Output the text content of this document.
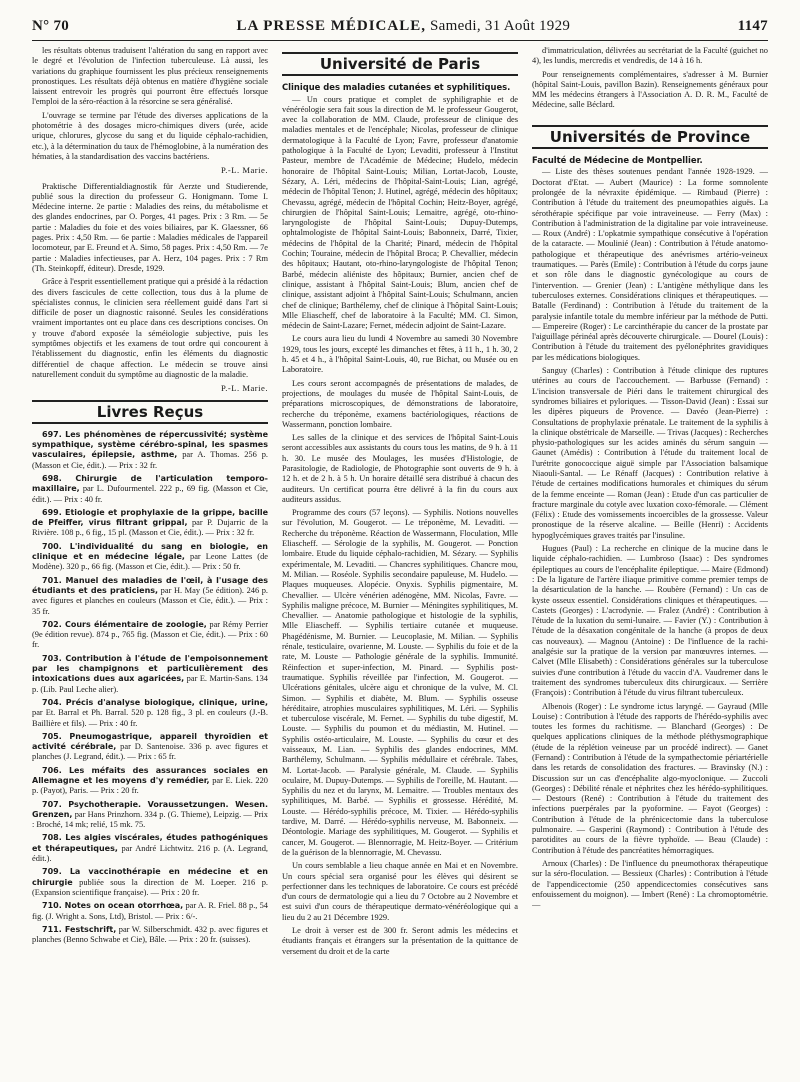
N° 70	LA PRESSE MÉDICALE, Samedi, 31 Août 1929	1147

les résultats obtenus traduisent l'altération du sang en rapport avec le degré et l'évolution de l'infection tuberculeuse. Là aussi, les variations du graphique fournissent les plus précieux renseignements pronostiques. Les résultats déjà obtenus en matière d'hygiène sociale laissent entrevoir les progrès qui pourront être effectués lorsque l'emploi de la séro-réaction à la résorcine se sera généralisé.

L'ouvrage se termine par l'étude des diverses applications de la photométrie à des dosages micro-chimiques divers (urée, acide urique, chlorures, glycose du sang et du liquide céphalo-rachidien, etc.), à la détermination du taux de l'hémoglobine, à la numération des hématies, à la standardisation des vaccins bactériens.

P.-L. Marie.

Praktische Differentialdiagnostik für Aerzte und Studierende, publié sous la direction du professeur G. Honigmann. Tome I. Médecine interne. 2e partie : Maladies des reins, du métabolisme et des glandes endocrines, par O. Porges, 41 pages. Prix : 3 Rm. — 5e partie : Maladies du foie et des voies biliaires, par K. Glaessner, 66 pages. Prix : 4,50 Rm. — 6e partie : Maladies médicales de l'appareil locomoteur, par E. Freund et A. Simo, 58 pages. Prix : 4,50 Rm. — 7e partie : Maladies infectieuses, par A. Herz, 104 pages. Prix : 7 Rm (Th. Steinkopff, éditeur). Dresde, 1929.

Grâce à l'esprit essentiellement pratique qui a présidé à la rédaction des divers fascicules de cette collection, tous dus à la plume de spécialistes connus, le clinicien sera réellement guidé dans l'art si difficile de poser un diagnostic raisonné. Seules les considérations vraiment importantes ont eu place dans ces descriptions concises. On y trouve d'abord exposée la séméiologie subjective, puis les symptômes objectifs et les examens de tout ordre qui concourent à l'établissement du diagnostic, enfin les éléments du diagnostic différentiel de chaque affection. Le médecin se trouve ainsi naturellement conduit du symptôme au diagnostic de la maladie.

P.-L. Marie.
Livres Reçus

697. Les phénomènes de répercussivité; système sympathique, système cérébro-spinal, les spasmes vasculaires, épilepsie, asthme, par A. Thomas. 256 p. (Masson et Cie, édit.). — Prix : 32 fr.

698. Chirurgie de l'articulation temporo-maxillaire, par L. Dufourmentel. 222 p., 69 fig. (Masson et Cie, édit.). — Prix : 40 fr.

699. Etiologie et prophylaxie de la grippe, bacille de Pfeiffer, virus filtrant grippal, par P. Dujarric de la Rivière. 108 p., 6 fig., 15 pl. (Masson et Cie, édit.). — Prix : 32 fr.

700. L'individualité du sang en biologie, en clinique et en médecine légale, par Leone Lattes (de Modène). 320 p., 66 fig. (Masson et Cie, édit.). — Prix : 50 fr.

701. Manuel des maladies de l'œil, à l'usage des étudiants et des praticiens, par H. May (5e édition). 246 p. avec figures et planches en couleurs (Masson et Cie, édit.). — Prix : 35 fr.

702. Cours élémentaire de zoologie, par Rémy Perrier (9e édition revue). 874 p., 765 fig. (Masson et Cie, édit.). — Prix : 60 fr.

703. Contribution à l'étude de l'empoisonnement par les champignons et particulièrement des intoxications dues aux agaricées, par E. Martin-Sans. 134 p. (Lib. Paul Leche alier).

704. Précis d'analyse biologique, clinique, urine, par Et. Barral et Ph. Barral. 520 p. 128 fig., 3 pl. en couleurs (J.-B. Baillière et fils). — Prix : 40 fr.

705. Pneumogastrique, appareil thyroïdien et activité cérébrale, par D. Santenoise. 336 p. avec figures et planches (J. Legrand, édit.). — Prix : 65 fr.

706. Les méfaits des assurances sociales en Allemagne et les moyens d'y remédier, par E. Liek. 220 p. (Payot), Paris. — Prix : 20 fr.

707. Psychotherapie. Voraussetzungen. Wesen. Grenzen, par Hans Prinzhorn. 334 p. (G. Thieme), Leipzig. — Prix : Broché, 14 mk; relié, 15 mk. 75.

708. Les algies viscérales, études pathogéniques et thérapeutiques, par André Lichtwitz. 216 p. (A. Legrand, édit.).

709. La vaccinothérapie en médecine et en chirurgie publiée sous la direction de M. Loeper. 216 p. (Expansion scientifique française). — Prix : 20 fr.

710. Notes on ocean otorrhœa, par A. R. Friel. 88 p., 54 fig. (J. Wright a. Sons, Ltd), Bristol. — Prix : 6/-.

711. Festschrift, par W. Silberschmidt. 432 p. avec figures et planches (Benno Schwabe et Cie), Bâle. — Prix : 20 fr. (suisses).

Université de Paris
Clinique des maladies cutanées et syphilitiques.

— Un cours pratique et complet de syphiligraphie et de vénéréologie sera fait sous la direction de M. le professeur Gougerot, avec la collaboration de MM. Claude, professeur de clinique des maladies mentales et de l'encéphale; Nicolas, professeur de clinique dermatologique à la Faculté de Lyon; Favre, professeur d'anatomie pathologique à la Faculté de Lyon; Levaditi, professeur à l'Institut Pasteur, membre de l'Académie de Médecine; Hudelo, médecin honoraire de l'hôpital Saint-Louis; Milian, Lortat-Jacob, Louste, Sézary, A. Léri, médecins de l'hôpital-Saint-Louis; Lian, agrégé, médecin de l'hôpital Tenon; J. Hutinel, agrégé, médecin des hôpitaux; Chevassu, agrégé, médecin de l'hôpital Cochin; Heitz-Boyer, agrégé, chirurgien de l'hôpital Saint-Louis; Lemaitre, agrégé, oto-rhino-laryngologiste de l'hôpital Saint-Louis; Dupuy-Dutemps, ophtalmologiste de l'hôpital Saint-Louis; Babonneix, Darré, Tixier, médecins de l'hôpital de la Charité; Pinard, médecin de l'hôpital Cochin; Touraine, médecin de l'hôpital Broca; P. Chevallier, médecin des hôpitaux; Hautant, oto-rhino-laryngologiste de l'hôpital Tenon; Barbé, médecin aliéniste des hôpitaux; Burnier, ancien chef de clinique, assistant à l'hôpital Saint-Louis; Blum, ancien chef de clinique, assistant adjoint à l'hôpital Saint-Louis; Schulmann, ancien chef de clinique; Barthélemy, chef de clinique à l'hôpital Saint-Louis; Mlle Eliascheff, chef de laboratoire à la Faculté; MM. Cl. Simon, médecin de Saint-Lazare; Fernet, médecin adjoint de Saint-Lazare.

Le cours aura lieu du lundi 4 Novembre au samedi 30 Novembre 1929, tous les jours, excepté les dimanches et fêtes, à 11 h., 1 h. 30, 2 h. 45 et 4 h., à l'hôpital Saint-Louis, 40, rue Bichat, ou Musée ou en Laboratoire.

Les cours seront accompagnés de présentations de malades, de projections, de moulages du musée de l'hôpital Saint-Louis, de préparations microscopiques, de démonstrations de laboratoire, recherche du tréponème, examens bactériologiques, réactions de Wassermann, ponction lombaire.

Les salles de la clinique et des services de l'hôpital Saint-Louis seront accessibles aux assistants du cours tous les matins, de 9 h. à 11 h. 30. Le musée des Moulages, les musées d'Histologie, de Parasitologie, de Radiologie, de Photographie sont ouverts de 9 h. à 12 h. et de 2 h. à 5 h. Un horaire détaillé sera distribué à chacun des auditeurs. Un certificat pourra être délivré à la fin du cours aux auditeurs assidus.

Programme des cours (57 leçons). — Syphilis. Notions nouvelles sur l'évolution, M. Gougerot. — Le tréponème, M. Levaditi. — Recherche du tréponème. Réaction de Wassermann, Floculation, Mlle Eliascheff. — Sérologie de la syphilis, M. Gougerot. — Ponction lombaire. Etude du liquide céphalo-rachidien, M. Sézary. — Syphilis expérimentale, M. Levaditi. — Chancres syphilitiques. Chancre mou, M. Milian. — Roséole. Syphilis secondaire papuleuse, M. Hudelo. — Plaques muqueuses. Alopécie. Onyxis. Syphilis pigmentaire, M. Chevallier. — Ulcère vénérien adénogène, MM. Nicolas, Favre. — Syphilis maligne précoce, M. Burnier — Méningites syphilitiques, M. Chevallier. — Anatomie pathologique et histologie de la syphilis, Mlle Eliascheff. — Syphilis tertiaire cutanée et muqueuse. Phagédénisme, M. Burnier. — Leucoplasie, M. Milian. — Syphilis rénale, testiculaire, ovarienne, M. Louste. — Syphilis du foie et de la rate, M. Louste — Pathologie générale de la syphilis. Immunité. Réinfection et super-infection, M. Pinard. — Syphilis post-traumatique. Syphilis réveillée par l'infection, M. Gougerot. — Ulcérations génitales, ulcère aigu et chronique de la vulve, M. Cl. Simon. — Syphilis et diabète, M. Blum. — Syphilis osseuse héréditaire, atrophies musculaires syphilitiques, M. Léri. — Syphilis et tuberculose viscérale, M. Fernet. — Syphilis du tube digestif, M. Louste. — Syphilis du poumon et du médiastin, M. Hutinel. — Syphilis ostéo-articulaire, M. Louste. — Syphilis du cœur et des vaisseaux, M. Lian. — Syphilis des glandes endocrines, MM. Barthélemy, Schulmann. — Syphilis médullaire et cérébrale. Tabes, M. Lortat-Jacob. — Paralysie générale, M. Claude. — Syphilis oculaire, M. Dupuy-Dutemps. — Syphilis de l'oreille, M. Hautant. — Syphilis du nez et du larynx, M. Lemaitre. — Troubles mentaux des syphilitiques, M. Barbé. — Syphilis et grossesse. Hérédité, M. Louste. — Hérédo-syphilis précoce, M. Tixier. — Hérédo-syphilis tardive, M. Darré. — Hérédo-syphilis nerveuse, M. Babonneix. — Déontologie. Mariage des syphilitiques, M. Gougerot. — Syphilis et cancer, M. Gougerot. — Blennorragie, M. Heitz-Boyer. — Critérium de la guérison de la blennorragie, M. Chevassu.

Un cours semblable a lieu chaque année en Mai et en Novembre. Un cours spécial sera organisé pour les élèves qui désirent se perfectionner dans les techniques de laboratoire. Ce cours est précédé d'un cours de dermatologie qui a lieu du 7 Octobre au 2 Novembre et est suivi d'un cours de thérapeutique dermato-vénéréologique qui a lieu du 2 au 21 Décembre 1929.

Le droit à verser est de 300 fr. Seront admis les médecins et étudiants français et étrangers sur la présentation de la quittance de versement du droit et de la carte

d'immatriculation, délivrées au secrétariat de la Faculté (guichet no 4), les lundis, mercredis et vendredis, de 14 à 16 h.

Pour renseignements complémentaires, s'adresser à M. Burnier (hôpital Saint-Louis, pavillon Bazin). Renseignements généraux pour MM les médecins étrangers à l'Association A. D. R. M., Faculté de Médecine, salle Béclard.

Universités de Province
Faculté de Médecine de Montpellier.

— Liste des thèses soutenues pendant l'année 1928-1929. — Doctorat d'Etat. — Aubert (Maurice) : La forme somnolente prolongée de la névraxite épidémique. — Rimbaud (Pierre) : Contribution à l'étude du traitement des pneumopathies aiguës. La sérothérapie spécifique par voie intraveineuse. — Ferry (Max) : Contribution à l'administration de la digitaline par voie intraveineuse. — Roux (André) : L'opkatmie sympathique consécutive à l'opération de la cataracte. — Moulinié (Jean) : Contribution à l'étude anatomo-pathologique et thérapeutique des anévrismes artério-veineux traumatiques. — Parès (Emile) : Contribution à l'étude du corps jaune et son rôle dans le diagnostic gynécologique au cours de l'intervention. — Grenier (Jean) : L'antigène méthylique dans les tuberculoses externes. Considérations cliniques et thérapeutiques. — Batalle (Ferdinand) : Contribution à l'étude du traitement de la paralysie infantile totale du membre inférieur par la méthode de Putti. — Empereire (Roger) : Le carcinthérapie du cancer de la prostate par l'aiguillage périnéal après découverte chirurgicale. — Dourel (Louis) : Contribution à l'étude du traitement des pyélonéphrites gravidiques par les médications biologiques.

Sanguy (Charles) : Contribution à l'étude clinique des ruptures utérines au cours de l'accouchement. — Barbusse (Fernand) : L'incision transversale de Piéri dans le traitement chirurgical des syndromes biliaires et pyloriques. — Tisson-David (Jean) : Essai sur les dipères piqueurs de Provence. — Davéo (Jean-Pierre) : Consultations de prophylaxie prénatale. Le traitement de la syphilis à la clinique obstétricale de Marseille. — Trivas (Jacques) : Recherches physio-pathologiques sur les acides aminés du sérum sanguin — Gaunet (Amédis) : Contribution à l'étude du traitement local de l'urétrite gonococcique aiguë simple par l'Association balsamique Niaouli-Santal. — Le Rénaff (Jacques) : Contribution relative à l'étude de certaines modifications humorales et chimiques du sérum de la femme enceinte — Roman (Jean) : Etude d'un cas particulier de fracture marginale du cotyle avec luxation coxo-fémorale. — Clément (Félix) : Etude des vomissements incoercibles de la grossesse. Valeur pronostique de la réserve alcaline. — Beille (Henri) : Accidents hypoglycémiques graves traités par l'insuline.

Hugues (Paul) : La recherche en clinique de la mucine dans le liquide céphalo-rachidien. — Lumbroso (Isaac) : Des syndromes épileptiques au cours de l'encéphalite épileptique. — Maire (Edmond) : De la ligature de l'artère iliaque primitive comme premier temps de la désarticulation de la hanche. — Roubère (Fernand) : Un cas de kyste osseux essentiel. Considérations cliniques et thérapeutiques. — Castets (Georges) : L'acrodynie. — Fralez (André) : Contribution à l'étude de la luxation du semi-lunaire. — Favier (Y.) : Contribution à l'étude de la désaxation congénitale de la hanche (à propos de deux cas nouveaux). — Magnou (Antoine) : De l'influence de la rachi-analgésie sur la pratique de la version par manœuvres internes. — Calvet (Mlle Elisabeth) : Considérations générales sur la tuberculose suivies d'une contribution à l'étude du vaccin d'A. Vaudremer dans le traitement des syndromes tuberculeux dits chirurgicaux. — Serrière (François) : Contribution à l'étude du virus filtrant tuberculeux.

Albenois (Roger) : Le syndrome ictus laryngé. — Gayraud (Mlle Louise) : Contribution à l'étude des rapports de l'hérédo-syphilis avec toutes les formes du rachitisme. — Blanchard (Georges) : De quelques applications cliniques de la méthode pléthysmographique (étude de la réplétion veineuse par un procédé indirect). — Ganet (Fernand) : Contribution à l'étude de la sympathectomie périartérielle dans les retards de consolidation des fractures. — Bravinsky (N.) : Discussion sur un cas d'encéphalite algo-myoclonique. — Zuccoli (Georges) : Débilité rénale et néphrites chez les hérédo-syphilitiques. — Destours (René) : Contribution à l'étude du traitement des infections puerpérales par la pyoformine. — Fayot (Georges) : Contribution à l'étude de la phrénicectomie dans la tuberculose pulmonaire. — Gasperini (Raymond) : Contribution à l'étude des parotidites au cours de la fièvre typhoïde. — Beau (Claude) : Contribution à l'étude des pancréatites hémorragiques.

Arnoux (Charles) : De l'influence du pneumothorax thérapeutique sur la séro-floculation. — Bessieux (Charles) : Contribution à l'étude de l'appendicectomie (250 appendicectomies consécutives sans enfouissement du moignon). — Imbert (René) : La chromoptométrie. —
